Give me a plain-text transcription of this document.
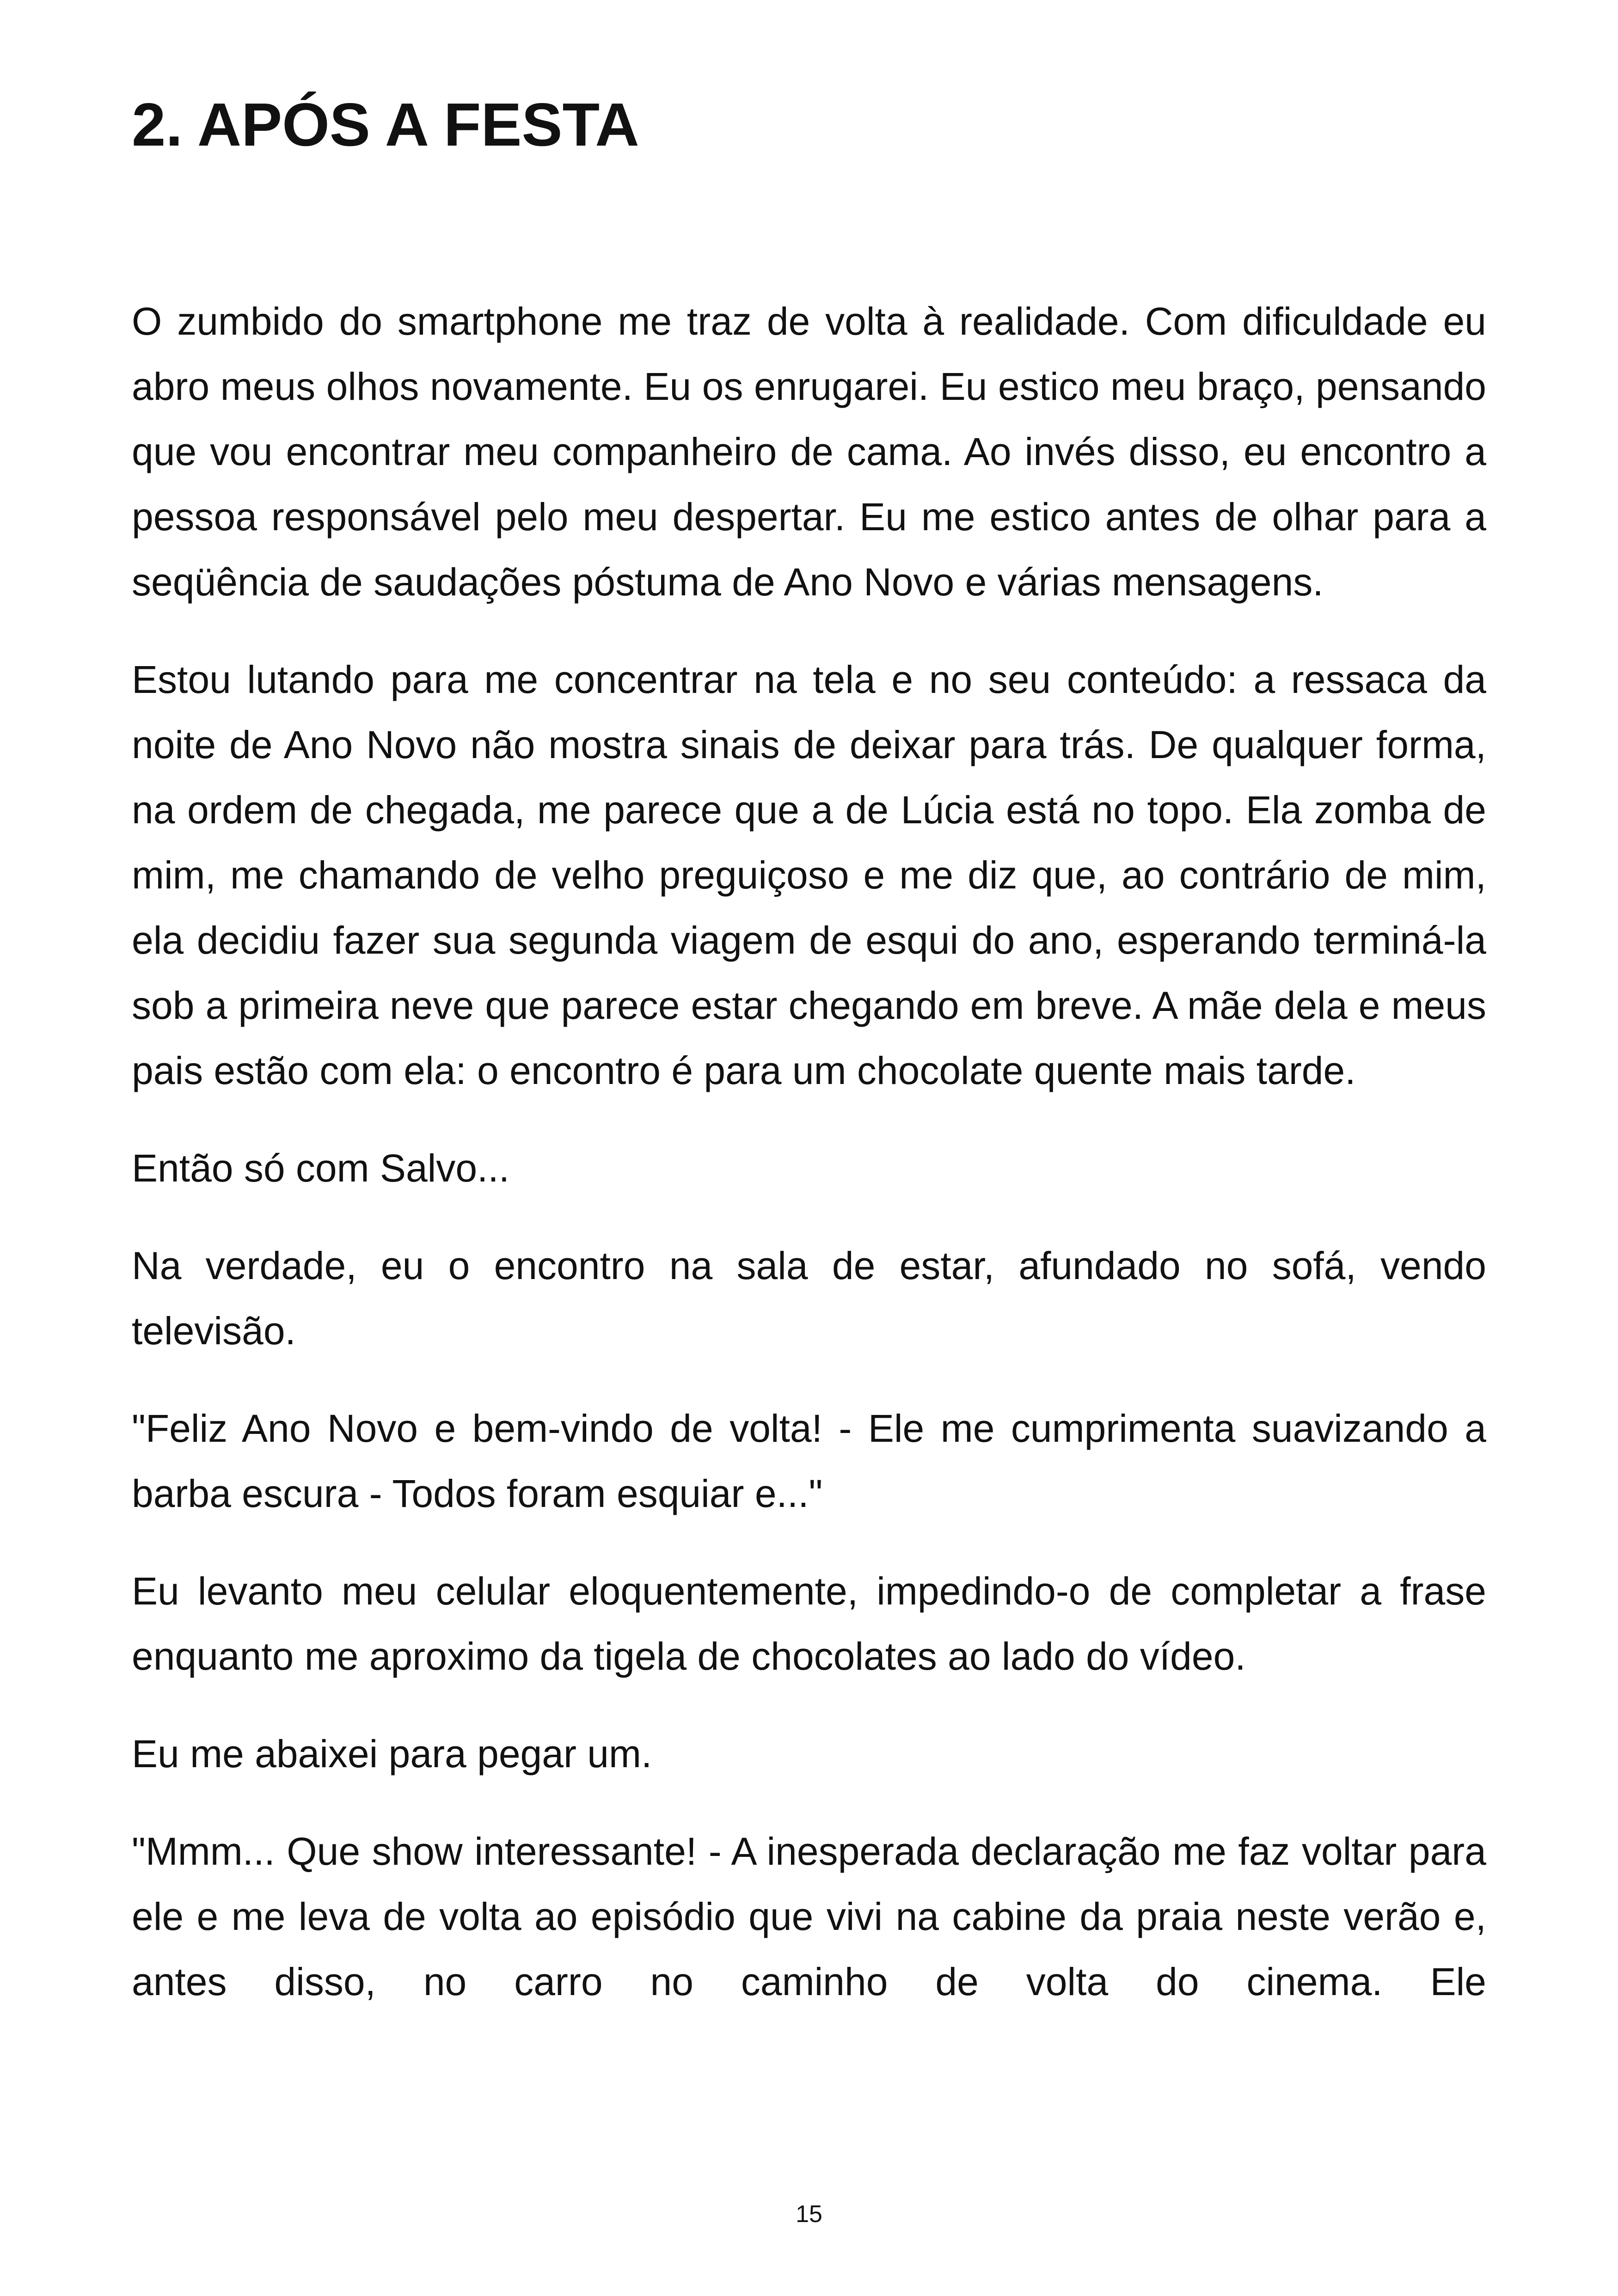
2. APÓS A FESTA

O zumbido do smartphone me traz de volta à realidade. Com dificuldade eu abro meus olhos novamente. Eu os enrugarei. Eu estico meu braço, pensando que vou encontrar meu companheiro de cama. Ao invés disso, eu encontro a pessoa responsável pelo meu despertar. Eu me estico antes de olhar para a seqüência de saudações póstuma de Ano Novo e várias mensagens.

Estou lutando para me concentrar na tela e no seu conteúdo: a ressaca da noite de Ano Novo não mostra sinais de deixar para trás. De qualquer forma, na ordem de chegada, me parece que a de Lúcia está no topo. Ela zomba de mim, me chamando de velho preguiçoso e me diz que, ao contrário de mim, ela decidiu fazer sua segunda viagem de esqui do ano, esperando terminá-la sob a primeira neve que parece estar chegando em breve. A mãe dela e meus pais estão com ela: o encontro é para um chocolate quente mais tarde.

Então só com Salvo...

Na verdade, eu o encontro na sala de estar, afundado no sofá, vendo televisão.

"Feliz Ano Novo e bem-vindo de volta! - Ele me cumprimenta suavizando a barba escura - Todos foram esquiar e..."

Eu levanto meu celular eloquentemente, impedindo-o de completar a frase enquanto me aproximo da tigela de chocolates ao lado do vídeo.

Eu me abaixei para pegar um.

"Mmm... Que show interessante! - A inesperada declaração me faz voltar para ele e me leva de volta ao episódio que vivi na cabine da praia neste verão e, antes disso, no carro no caminho de volta do cinema. Ele

15
